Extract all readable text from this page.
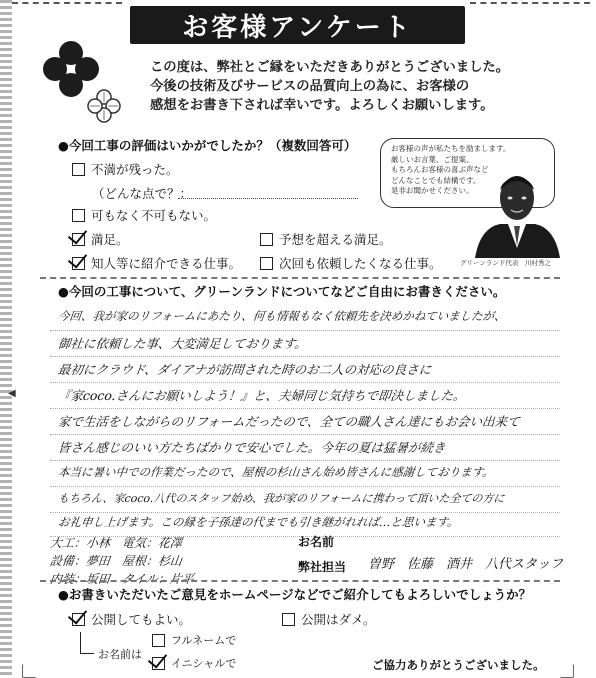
◀
お客様アンケート
この度は、弊社とご縁をいただきありがとうございました。
今後の技術及びサービスの品質向上の為に、お客様の
感想をお書き下されば幸いです。よろしくお願いします。
お客様の声が私たちを励まします。
厳しいお言葉、ご提案、
もちろんお客様の喜ぶ声など
どんなことでも結構です。
是非お聞かせください。
グリーンランド代表　川村秀之
●今回工事の評価はいかがでしたか？（複数回答可）
不満が残った。
（どんな点で？：
可もなく不可もない。
満足。	予想を超える満足。
知人等に紹介できる仕事。	次回も依頼したくなる仕事。
●今回の工事について、グリーンランドについてなどご自由にお書きください。
今回、我が家のリフォームにあたり、何も情報もなく依頼先を決めかねていましたが、
御社に依頼した事、大変満足しております。
最初にクラウド、ダイアナが訪問された時のお二人の対応の良さに
『家coco.さんにお願いしよう！』と、夫婦同じ気持ちで即決しました。
家で生活をしながらのリフォームだったので、全ての職人さん達にもお会い出来て
皆さん感じのいい方たちばかりで安心でした。今年の夏は猛暑が続き
本当に暑い中での作業だったので、屋根の杉山さん始め皆さんに感謝しております。
もちろん、家coco.八代のスタッフ始め、我が家のリフォームに携わって頂いた全ての方に
お礼申し上げます。この縁を子孫達の代までも引き継がれれば…と思います。
大工：小林　電気：花澤
設備：夢田　屋根：杉山
内装：坂田　タイル：片平
お名前
弊社担当 曽野　佐藤　酒井　八代スタッフ
●お書きいただいたご意見をホームページなどでご紹介してもよろしいでしょうか？
公開してもよい。	公開はダメ。
お名前は
フルネームで
イニシャルで	ご協力ありがとうございました。
